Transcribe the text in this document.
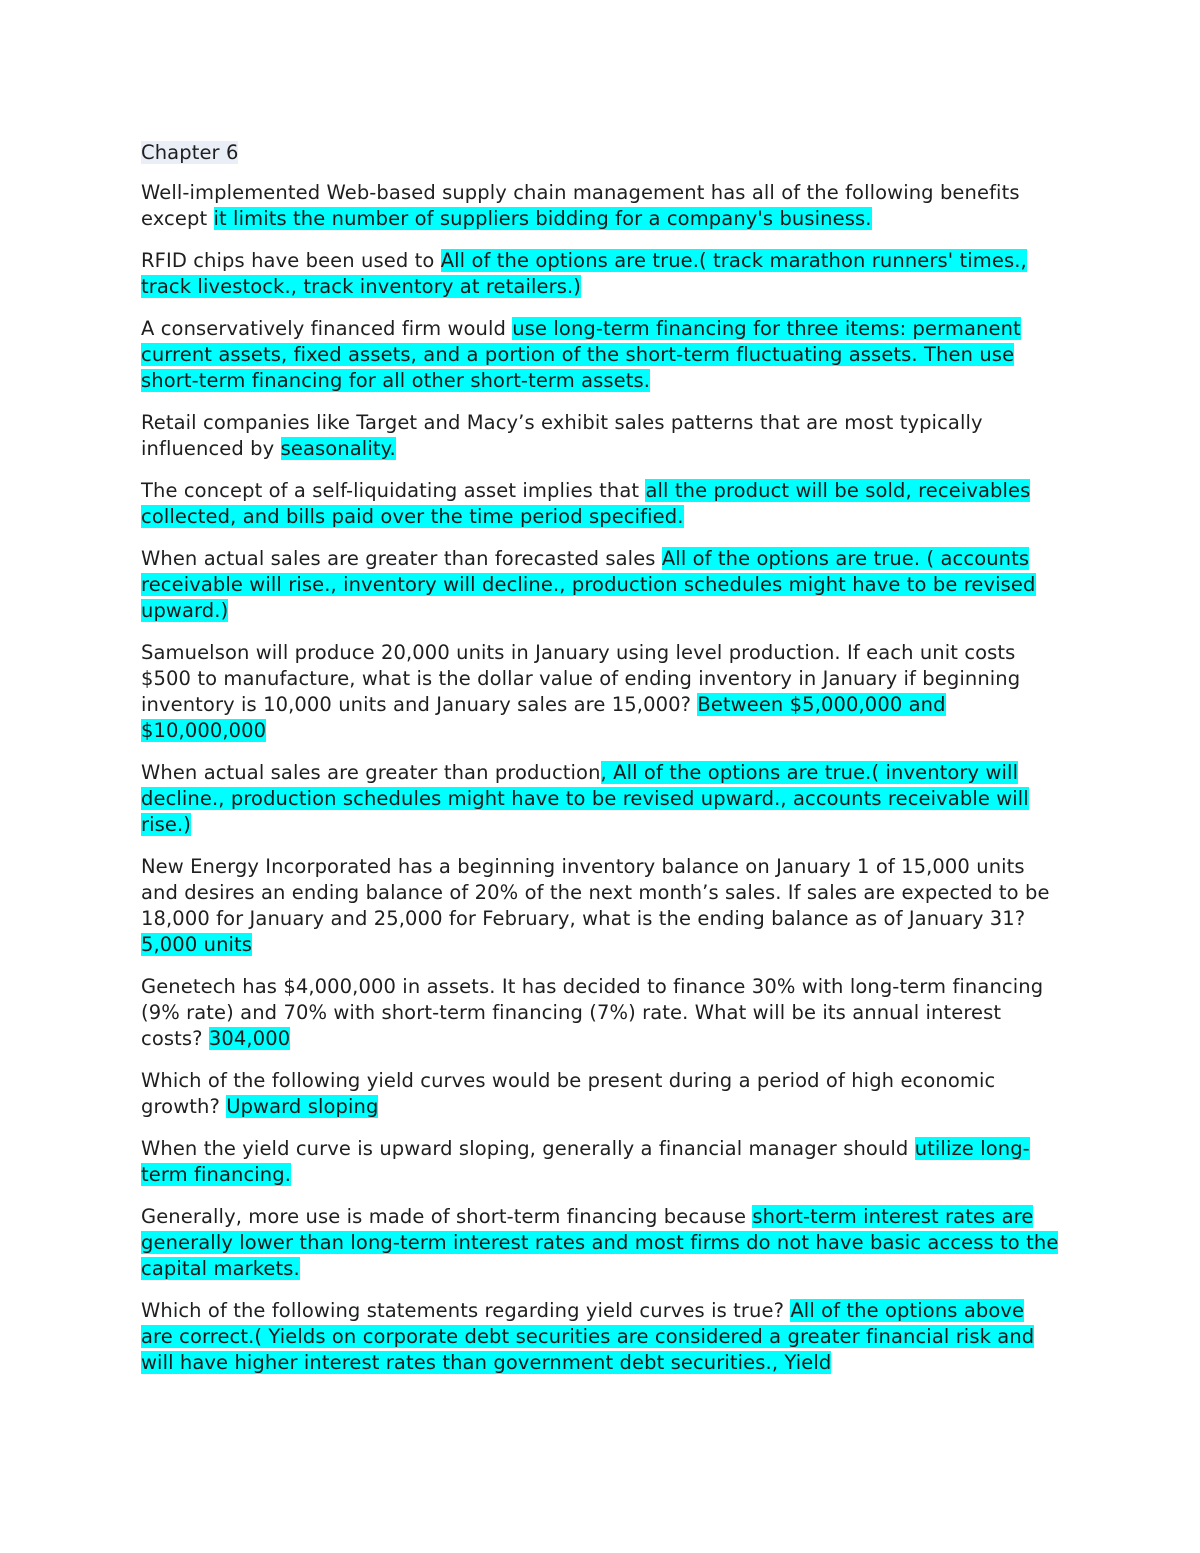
Chapter 6

Well-implemented Web-based supply chain management has all of the following benefits except it limits the number of suppliers bidding for a company's business.

RFID chips have been used to All of the options are true.( track marathon runners' times., track livestock., track inventory at retailers.)

A conservatively financed firm would use long-term financing for three items: permanent current assets, fixed assets, and a portion of the short-term fluctuating assets. Then use short-term financing for all other short-term assets.

Retail companies like Target and Macy’s exhibit sales patterns that are most typically influenced by seasonality.

The concept of a self-liquidating asset implies that all the product will be sold, receivables collected, and bills paid over the time period specified.

When actual sales are greater than forecasted sales All of the options are true. ( accounts receivable will rise., inventory will decline., production schedules might have to be revised upward.)

Samuelson will produce 20,000 units in January using level production. If each unit costs $500 to manufacture, what is the dollar value of ending inventory in January if beginning inventory is 10,000 units and January sales are 15,000? Between $5,000,000 and $10,000,000

When actual sales are greater than production, All of the options are true.( inventory will decline., production schedules might have to be revised upward., accounts receivable will rise.)

New Energy Incorporated has a beginning inventory balance on January 1 of 15,000 units and desires an ending balance of 20% of the next month’s sales. If sales are expected to be 18,000 for January and 25,000 for February, what is the ending balance as of January 31? 5,000 units

Genetech has $4,000,000 in assets. It has decided to finance 30% with long-term financing (9% rate) and 70% with short-term financing (7%) rate. What will be its annual interest costs? 304,000

Which of the following yield curves would be present during a period of high economic growth? Upward sloping

When the yield curve is upward sloping, generally a financial manager should utilize long-term financing.

Generally, more use is made of short-term financing because short-term interest rates are generally lower than long-term interest rates and most firms do not have basic access to the capital markets.

Which of the following statements regarding yield curves is true? All of the options above are correct.( Yields on corporate debt securities are considered a greater financial risk and will have higher interest rates than government debt securities., Yield
